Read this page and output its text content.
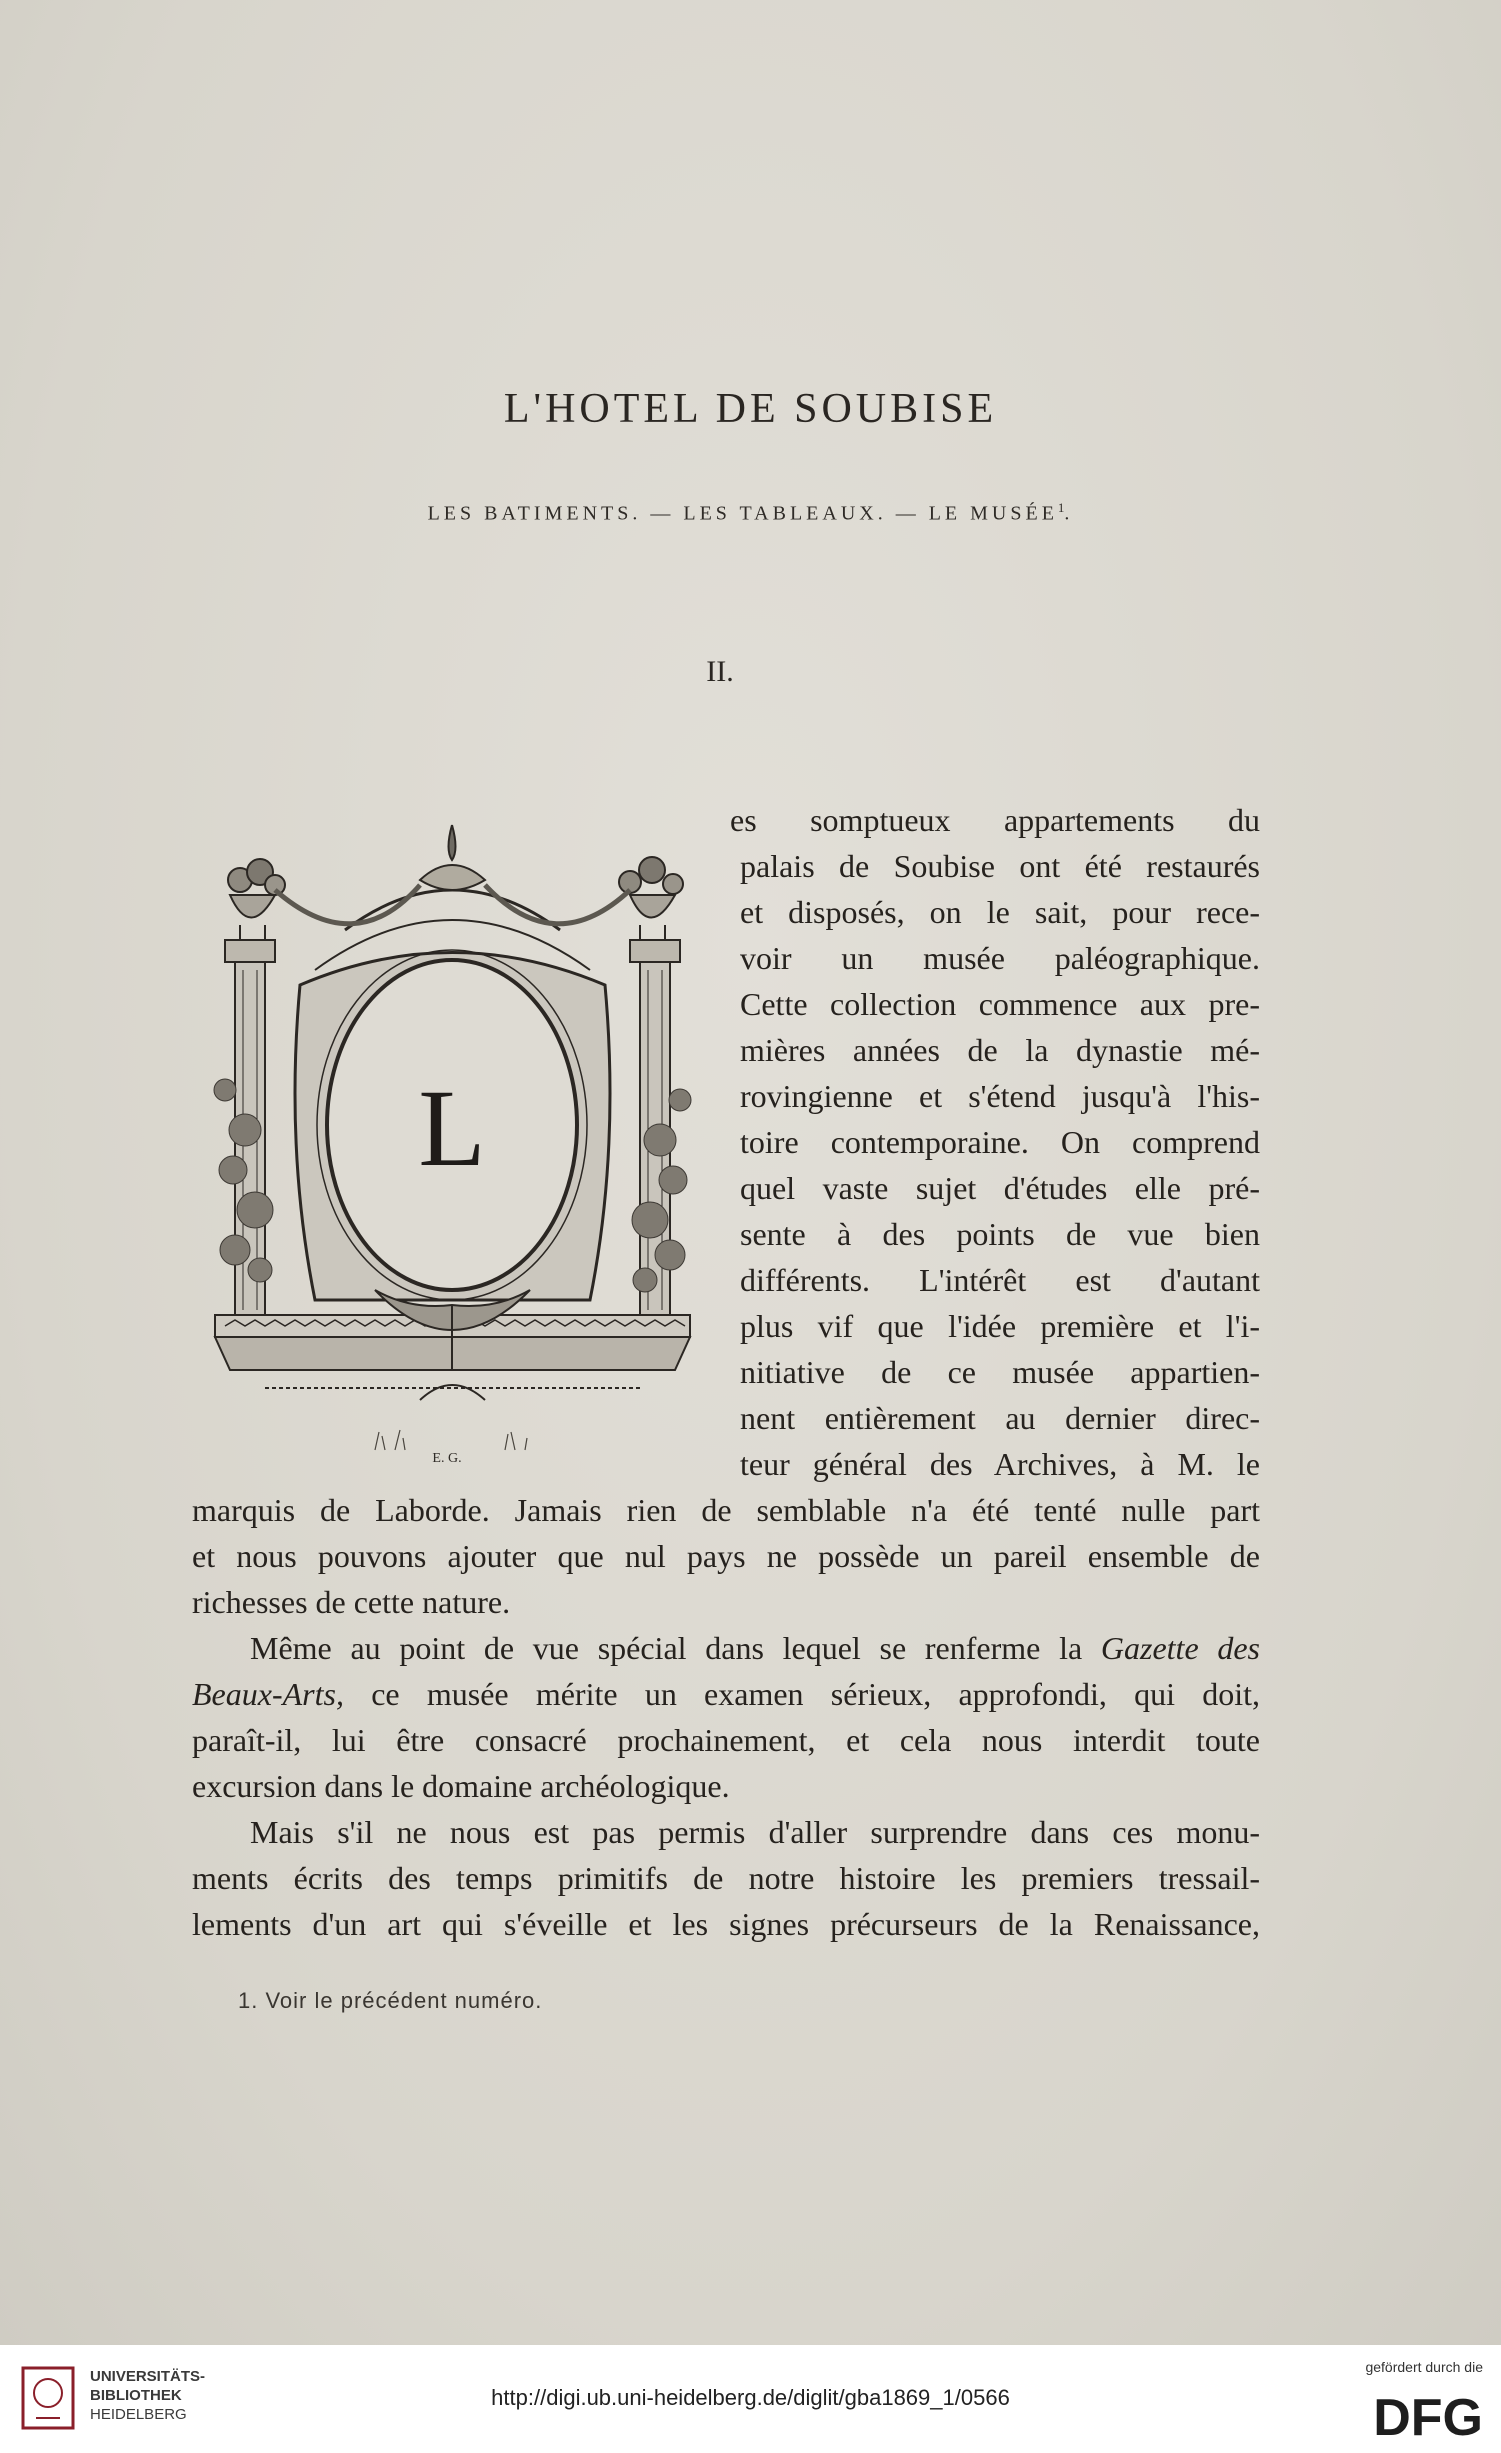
L'HOTEL DE SOUBISE
LES BATIMENTS. — LES TABLEAUX. — LE MUSÉE$^1$.
II.
L
E. G.
es somptueux appartements du
palais de Soubise ont été restaurés
et disposés, on le sait, pour rece-
voir un musée paléographique.
Cette collection commence aux pre-
mières années de la dynastie mé-
rovingienne et s'étend jusqu'à l'his-
toire contemporaine. On comprend
quel vaste sujet d'études elle pré-
sente à des points de vue bien
différents. L'intérêt est d'autant
plus vif que l'idée première et l'i-
nitiative de ce musée appartien-
nent entièrement au dernier direc-
teur général des Archives, à M. le
marquis de Laborde. Jamais rien de semblable n'a été tenté nulle part
et nous pouvons ajouter que nul pays ne possède un pareil ensemble de
richesses de cette nature.
Même au point de vue spécial dans lequel se renferme la Gazette des
Beaux-Arts, ce musée mérite un examen sérieux, approfondi, qui doit,
paraît-il, lui être consacré prochainement, et cela nous interdit toute
excursion dans le domaine archéologique.
Mais s'il ne nous est pas permis d'aller surprendre dans ces monu-
ments écrits des temps primitifs de notre histoire les premiers tressail-
lements d'un art qui s'éveille et les signes précurseurs de la Renaissance,
1. Voir le précédent numéro.
UNIVERSITÄTS-
BIBLIOTHEK
HEIDELBERG
http://digi.ub.uni-heidelberg.de/diglit/gba1869_1/0566
gefördert durch die
DFG
